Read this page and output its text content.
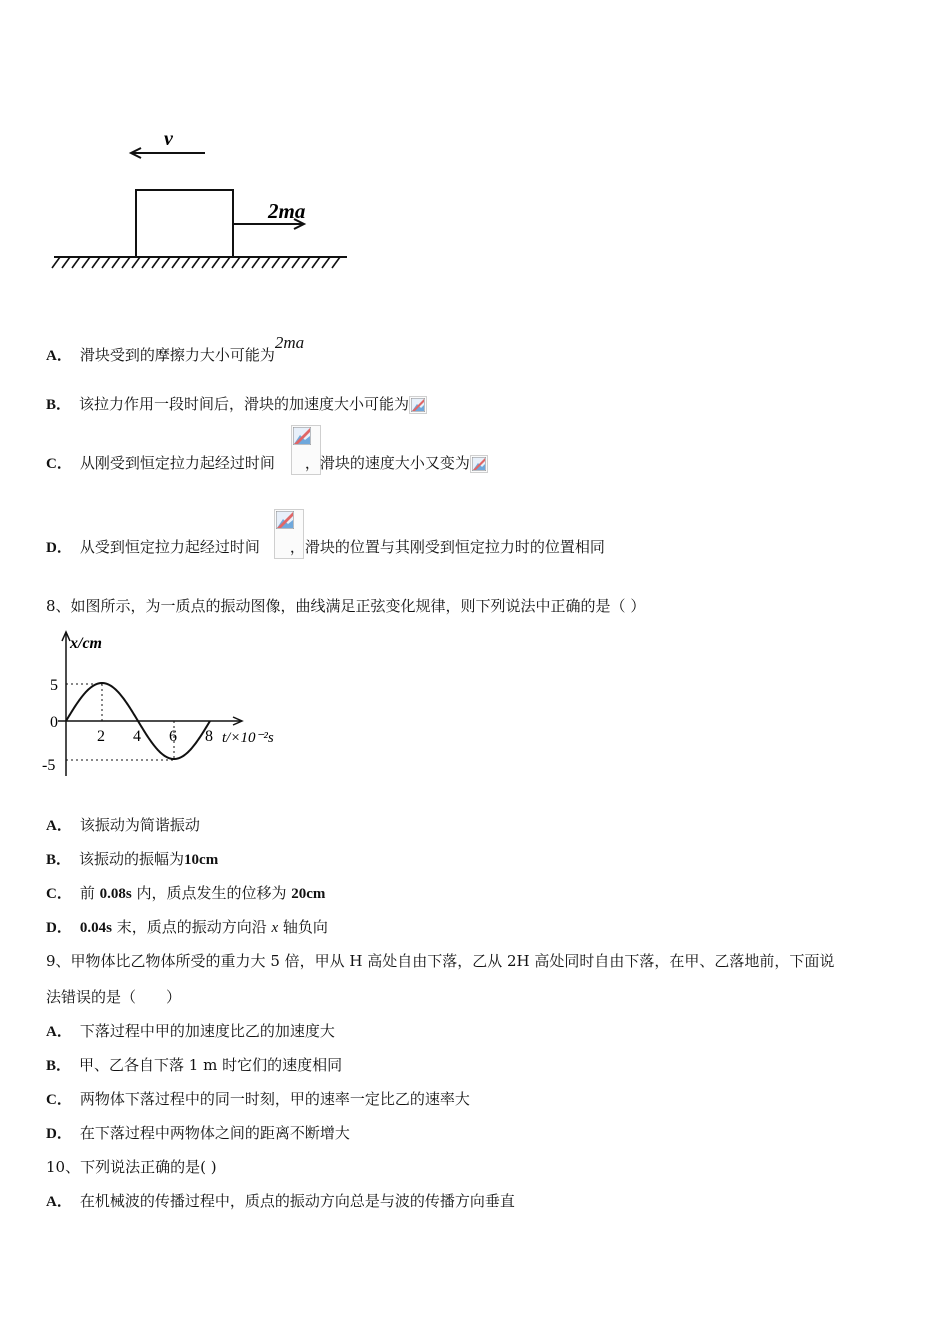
v
2ma
A． 滑块受到的摩擦力大小可能为2ma
B． 该拉力作用一段时间后，滑块的加速度大小可能为
C． 从刚受到恒定拉力起经过时间 ，滑块的速度大小又变为
D． 从受到恒定拉力起经过时间 ，滑块的位置与其刚受到恒定拉力时的位置相同
8、如图所示，为一质点的振动图像，曲线满足正弦变化规律，则下列说法中正确的是（ ）
x/cm
t/×10⁻²s
5
0
-5
2 4 6 8
A． 该振动为简谐振动
B． 该振动的振幅为10cm
C． 前 0.08s 内，质点发生的位移为 20cm
D． 0.04s 末，质点的振动方向沿 x 轴负向
9、甲物体比乙物体所受的重力大 5 倍，甲从 H 高处自由下落，乙从 2H 高处同时自由下落，在甲、乙落地前，下面说
法错误的是（　　）
A． 下落过程中甲的加速度比乙的加速度大
B． 甲、乙各自下落 1 m 时它们的速度相同
C． 两物体下落过程中的同一时刻，甲的速率一定比乙的速率大
D． 在下落过程中两物体之间的距离不断增大
10、下列说法正确的是( )
A． 在机械波的传播过程中，质点的振动方向总是与波的传播方向垂直
